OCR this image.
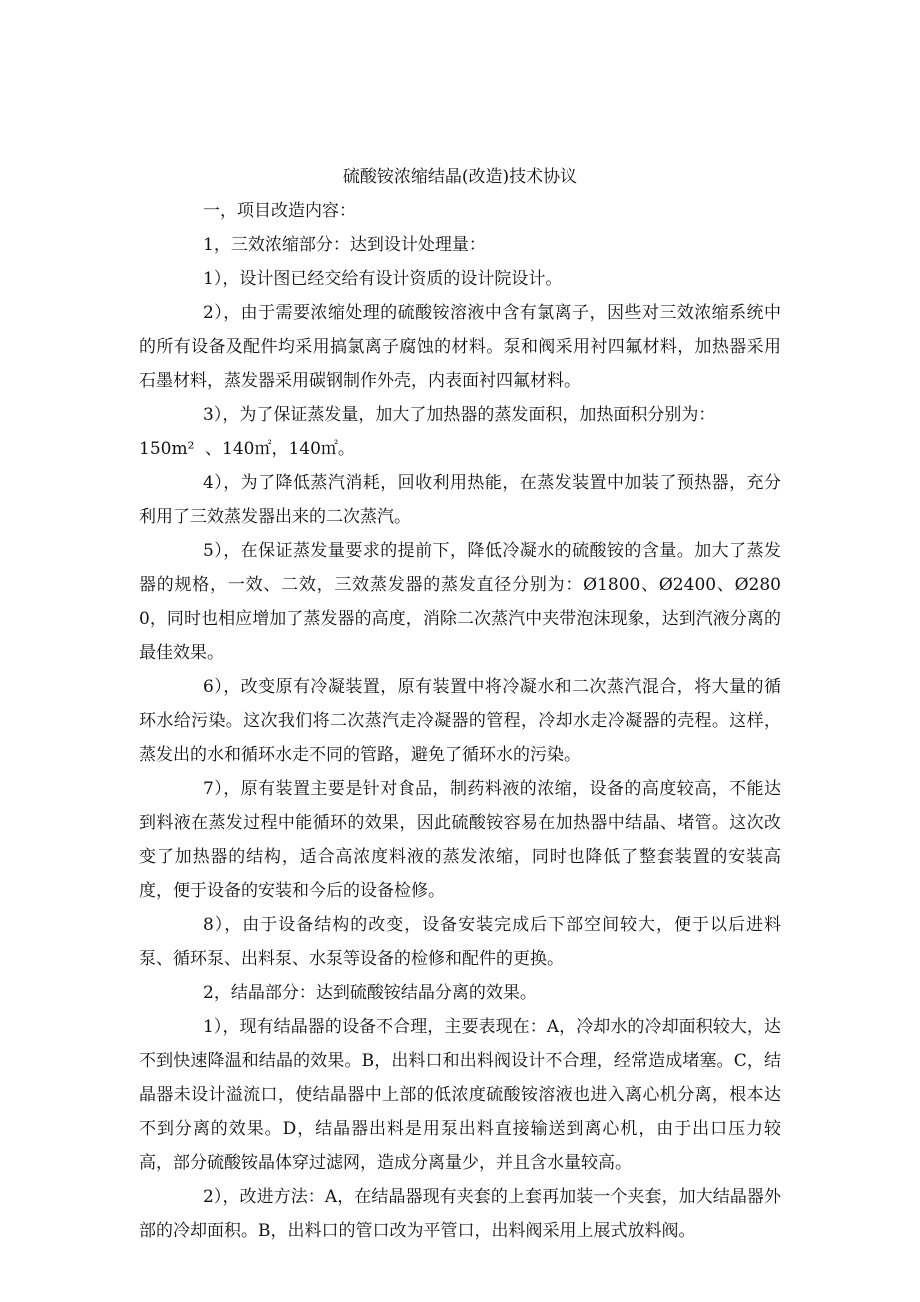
硫酸铵浓缩结晶(改造)技术协议

一，项目改造内容：

1，三效浓缩部分：达到设计处理量：

1），设计图已经交给有设计资质的设计院设计。

2），由于需要浓缩处理的硫酸铵溶液中含有氯离子，因些对三效浓缩系统中的所有设备及配件均采用搞氯离子腐蚀的材料。泵和阀采用衬四氟材料，加热器采用石墨材料，蒸发器采用碳钢制作外壳，内表面衬四氟材料。

3），为了保证蒸发量，加大了加热器的蒸发面积，加热面积分别为：

150m² 、140㎡，140㎡。

4），为了降低蒸汽消耗，回收利用热能，在蒸发装置中加装了预热器，充分利用了三效蒸发器出来的二次蒸汽。

5），在保证蒸发量要求的提前下，降低冷凝水的硫酸铵的含量。加大了蒸发器的规格，一效、二效，三效蒸发器的蒸发直径分别为：Ø1800、Ø2400、Ø2800，同时也相应增加了蒸发器的高度，消除二次蒸汽中夹带泡沫现象，达到汽液分离的最佳效果。

6），改变原有冷凝装置，原有装置中将冷凝水和二次蒸汽混合，将大量的循环水给污染。这次我们将二次蒸汽走冷凝器的管程，冷却水走冷凝器的壳程。这样，蒸发出的水和循环水走不同的管路，避免了循环水的污染。

7），原有装置主要是针对食品，制药料液的浓缩，设备的高度较高，不能达到料液在蒸发过程中能循环的效果，因此硫酸铵容易在加热器中结晶、堵管。这次改变了加热器的结构，适合高浓度料液的蒸发浓缩，同时也降低了整套装置的安装高度，便于设备的安装和今后的设备检修。

8），由于设备结构的改变，设备安装完成后下部空间较大，便于以后进料泵、循环泵、出料泵、水泵等设备的检修和配件的更换。

2，结晶部分：达到硫酸铵结晶分离的效果。

1），现有结晶器的设备不合理，主要表现在：A，冷却水的冷却面积较大，达不到快速降温和结晶的效果。B，出料口和出料阀设计不合理，经常造成堵塞。C，结晶器未设计溢流口，使结晶器中上部的低浓度硫酸铵溶液也进入离心机分离，根本达不到分离的效果。D，结晶器出料是用泵出料直接输送到离心机，由于出口压力较高，部分硫酸铵晶体穿过滤网，造成分离量少，并且含水量较高。

2），改进方法：A，在结晶器现有夹套的上套再加装一个夹套，加大结晶器外部的冷却面积。B，出料口的管口改为平管口，出料阀采用上展式放料阀。
